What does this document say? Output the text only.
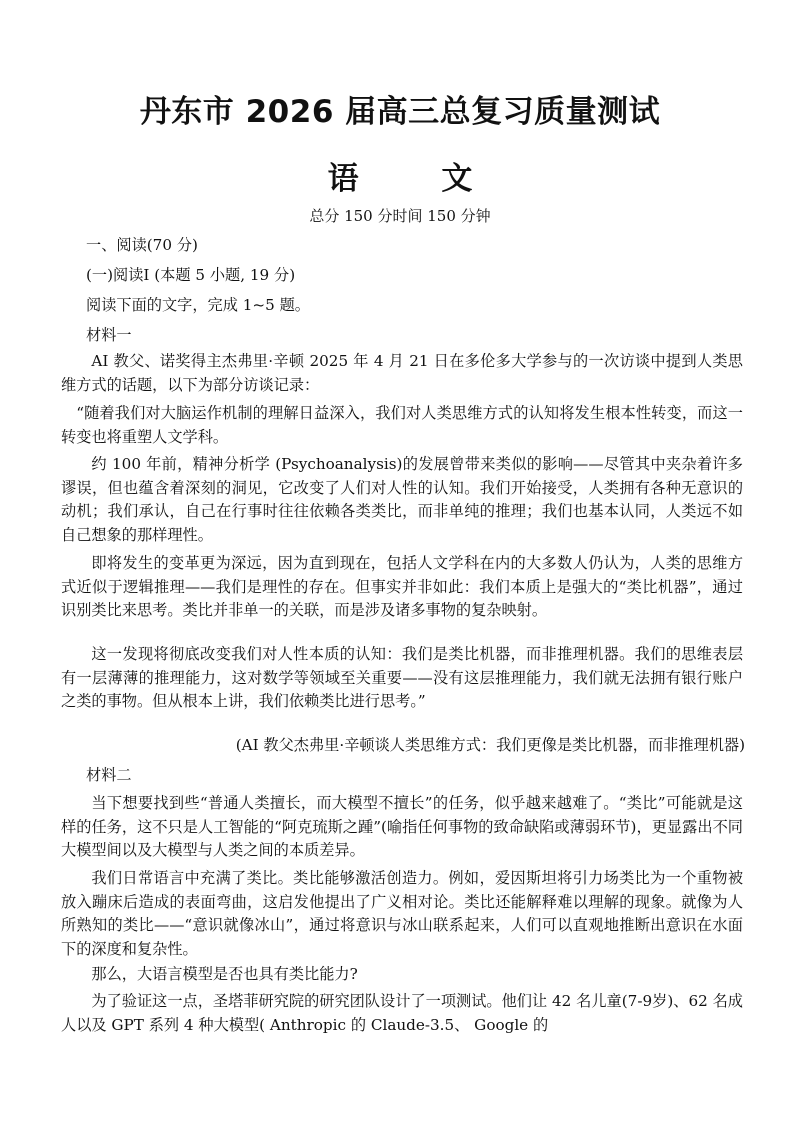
丹东市 2026 届高三总复习质量测试
语 文
总分 150 分时间 150 分钟
一、阅读(70 分)
(一)阅读Ⅰ (本题 5 小题, 19 分)
阅读下面的文字，完成 1~5 题。
材料一

AI 教父、诺奖得主杰弗里·辛顿 2025 年 4 月 21 日在多伦多大学参与的一次访谈中提到人类思维方式的话题，以下为部分访谈记录：

“随着我们对大脑运作机制的理解日益深入，我们对人类思维方式的认知将发生根本性转变，而这一转变也将重塑人文学科。

约 100 年前，精神分析学 (Psychoanalysis)的发展曾带来类似的影响——尽管其中夹杂着许多谬误，但也蕴含着深刻的洞见，它改变了人们对人性的认知。我们开始接受，人类拥有各种无意识的动机；我们承认，自己在行事时往往依赖各类类比，而非单纯的推理；我们也基本认同，人类远不如自己想象的那样理性。

即将发生的变革更为深远，因为直到现在，包括人文学科在内的大多数人仍认为，人类的思维方式近似于逻辑推理——我们是理性的存在。但事实并非如此：我们本质上是强大的“类比机器”，通过识别类比来思考。类比并非单一的关联，而是涉及诸多事物的复杂映射。

这一发现将彻底改变我们对人性本质的认知：我们是类比机器，而非推理机器。我们的思维表层有一层薄薄的推理能力，这对数学等领域至关重要——没有这层推理能力，我们就无法拥有银行账户之类的事物。但从根本上讲，我们依赖类比进行思考。”

(AI 教父杰弗里·辛顿谈人类思维方式：我们更像是类比机器，而非推理机器)
材料二

当下想要找到些“普通人类擅长，而大模型不擅长”的任务，似乎越来越难了。“类比”可能就是这样的任务，这不只是人工智能的“阿克琉斯之踵”(喻指任何事物的致命缺陷或薄弱环节)，更显露出不同大模型间以及大模型与人类之间的本质差异。

我们日常语言中充满了类比。类比能够激活创造力。例如，爱因斯坦将引力场类比为一个重物被放入蹦床后造成的表面弯曲，这启发他提出了广义相对论。类比还能解释难以理解的现象。就像为人所熟知的类比——“意识就像冰山”，通过将意识与冰山联系起来，人们可以直观地推断出意识在水面下的深度和复杂性。

那么，大语言模型是否也具有类比能力?

为了验证这一点，圣塔菲研究院的研究团队设计了一项测试。他们让 42 名儿童(7-9岁)、62 名成人以及 GPT 系列 4 种大模型( Anthropic 的 Claude-3.5、 Google 的
